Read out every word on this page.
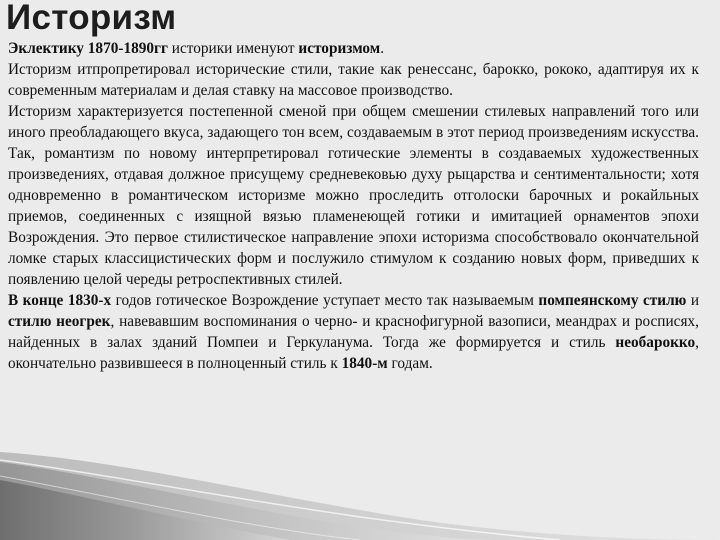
Историзм

Эклектику 1870-1890гг историки именуют историзмом.

Историзм итпропретировал исторические стили, такие как ренессанс, барокко, рококо, адаптируя их к современным материалам и делая ставку на массовое производство.

Историзм характеризуется постепенной сменой при общем смешении стилевых направлений того или иного преобладающего вкуса, задающего тон всем, создаваемым в этот период произведениям искусства. Так, романтизм по новому интерпретировал готические элементы в создаваемых художественных произведениях, отдавая должное присущему средневековью духу рыцарства и сентиментальности; хотя одновременно в романтическом историзме можно проследить отголоски барочных и рокайльных приемов, соединенных с изящной вязью пламенеющей готики и имитацией орнаментов эпохи Возрождения. Это первое стилистическое направление эпохи историзма способствовало окончательной ломке старых классицистических форм и послужило стимулом к созданию новых форм, приведших к появлению целой череды ретроспективных стилей.

В конце 1830-х годов готическое Возрождение уступает место так называемым помпеянскому стилю и стилю неогрек, навевавшим воспоминания о черно- и краснофигурной вазописи, меандрах и росписях, найденных в залах зданий Помпеи и Геркуланума. Тогда же формируется и стиль необарокко, окончательно развившееся в полноценный стиль к 1840-м годам.
